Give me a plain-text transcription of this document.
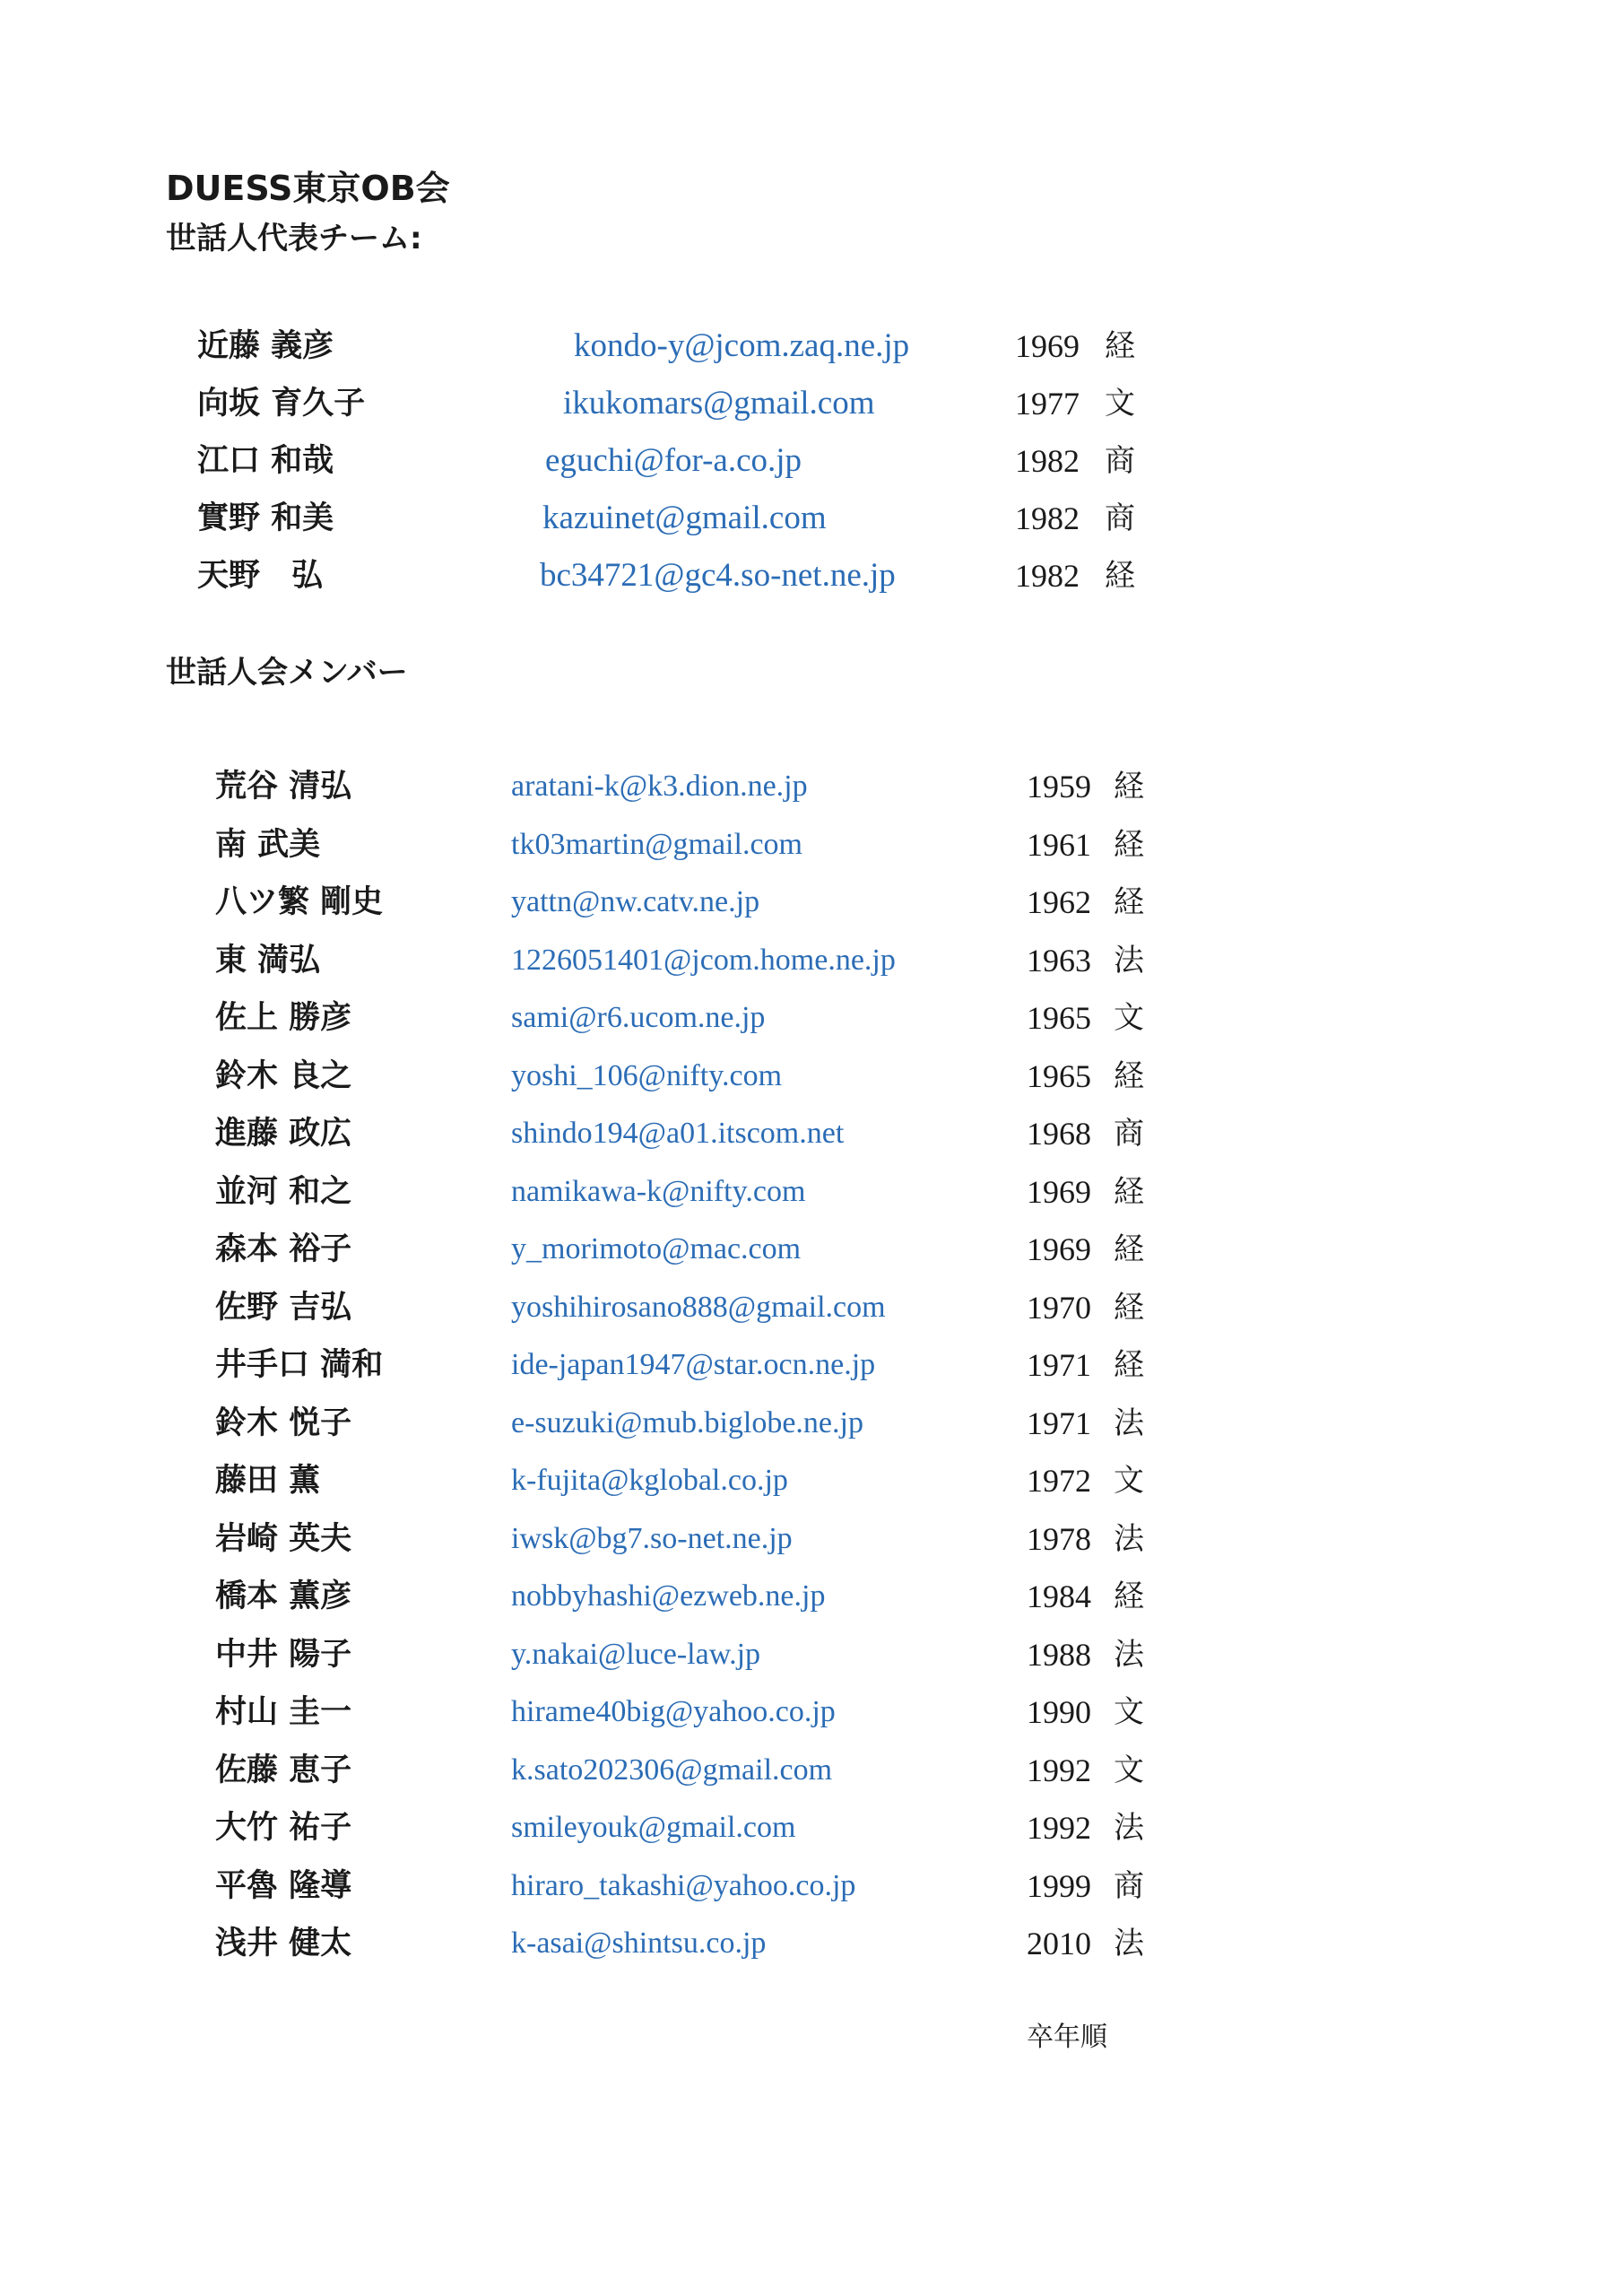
DUESS東京OB会
世話人代表チーム:
近藤 義彦	kondo-y@jcom.zaq.ne.jp	1969 経
向坂 育久子	ikukomars@gmail.com	1977 文
江口 和哉	eguchi@for-a.co.jp	1982 商
實野 和美	kazuinet@gmail.com	1982 商
天野　弘	bc34721@gc4.so-net.ne.jp	1982 経
世話人会メンバー
荒谷 清弘	aratani-k@k3.dion.ne.jp	1959 経
南 武美	tk03martin@gmail.com	1961 経
八ツ繁 剛史	yattn@nw.catv.ne.jp	1962 経
東 満弘	1226051401@jcom.home.ne.jp	1963 法
佐上 勝彦	sami@r6.ucom.ne.jp	1965 文
鈴木 良之	yoshi_106@nifty.com	1965 経
進藤 政広	shindo194@a01.itscom.net	1968 商
並河 和之	namikawa-k@nifty.com	1969 経
森本 裕子	y_morimoto@mac.com	1969 経
佐野 吉弘	yoshihirosano888@gmail.com	1970 経
井手口 満和	ide-japan1947@star.ocn.ne.jp	1971 経
鈴木 悦子	e-suzuki@mub.biglobe.ne.jp	1971 法
藤田 薫	k-fujita@kglobal.co.jp	1972 文
岩崎 英夫	iwsk@bg7.so-net.ne.jp	1978 法
橋本 薫彦	nobbyhashi@ezweb.ne.jp	1984 経
中井 陽子	y.nakai@luce-law.jp	1988 法
村山 圭一	hirame40big@yahoo.co.jp	1990 文
佐藤 恵子	k.sato202306@gmail.com	1992 文
大竹 祐子	smileyouk@gmail.com	1992 法
平魯 隆導	hiraro_takashi@yahoo.co.jp	1999 商
浅井 健太	k-asai@shintsu.co.jp	2010 法
卒年順
